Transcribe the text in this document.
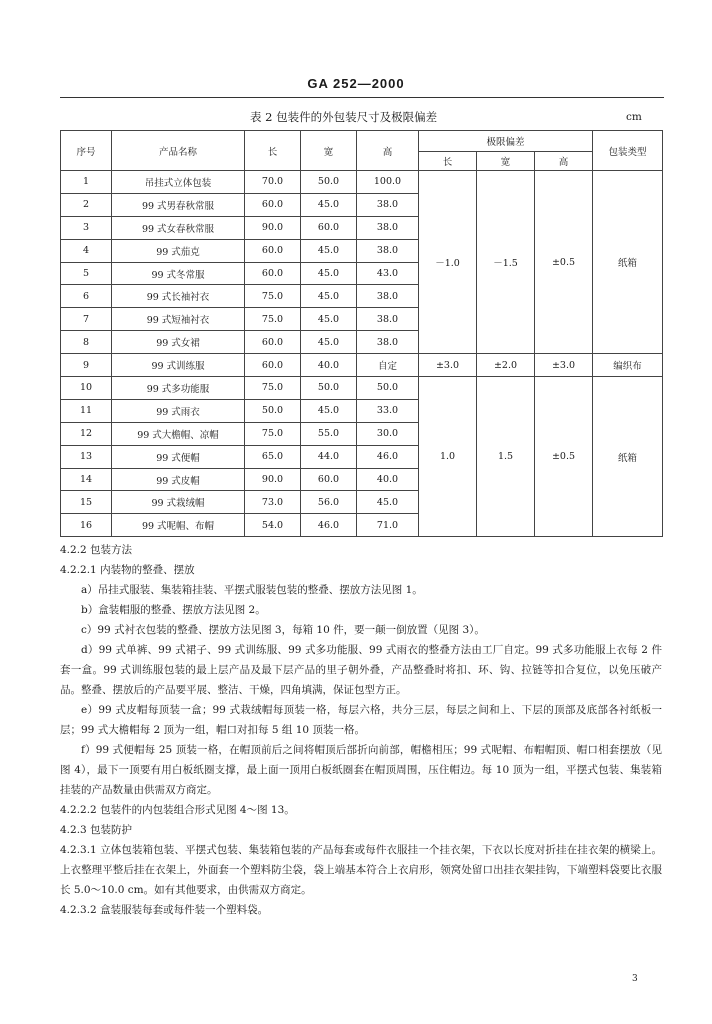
GA 252—2000
表 2 包装件的外包装尺寸及极限偏差	cm
序号	产品名称	长	宽	高	极限偏差			包装类型
					长	宽	高	
1	吊挂式立体包装	70.0	50.0	100.0	－1.0	－1.5	±0.5	纸箱
2	99 式男春秋常服	60.0	45.0	38.0				
3	99 式女春秋常服	90.0	60.0	38.0				
4	99 式茄克	60.0	45.0	38.0				
5	99 式冬常服	60.0	45.0	43.0				
6	99 式长袖衬衣	75.0	45.0	38.0				
7	99 式短袖衬衣	75.0	45.0	38.0				
8	99 式女裙	60.0	45.0	38.0				
9	99 式训练服	60.0	40.0	自定	±3.0	±2.0	±3.0	编织布
10	99 式多功能服	75.0	50.0	50.0	1.0	1.5	±0.5	纸箱
11	99 式雨衣	50.0	45.0	33.0				
12	99 式大檐帽、凉帽	75.0	55.0	30.0				
13	99 式便帽	65.0	44.0	46.0				
14	99 式皮帽	90.0	60.0	40.0				
15	99 式栽绒帽	73.0	56.0	45.0				
16	99 式呢帽、布帽	54.0	46.0	71.0				

4.2.2 包装方法

4.2.2.1 内装物的整叠、摆放

a）吊挂式服装、集装箱挂装、平摆式服装包装的整叠、摆放方法见图 1。

b）盒装帽服的整叠、摆放方法见图 2。

c）99 式衬衣包装的整叠、摆放方法见图 3，每箱 10 件，要一颠一倒放置（见图 3）。

d）99 式单裤、99 式裙子、99 式训练服、99 式多功能服、99 式雨衣的整叠方法由工厂自定。99 式多功能服上衣每 2 件套一盒。99 式训练服包装的最上层产品及最下层产品的里子朝外叠，产品整叠时将扣、环、钩、拉链等扣合复位，以免压破产品。整叠、摆放后的产品要平展、整洁、干燥，四角填满，保证包型方正。

e）99 式皮帽每顶装一盒；99 式栽绒帽每顶装一格，每层六格，共分三层，每层之间和上、下层的顶部及底部各衬纸板一层；99 式大檐帽每 2 顶为一组，帽口对扣每 5 组 10 顶装一格。

f）99 式便帽每 25 顶装一格，在帽顶前后之间将帽顶后部折向前部，帽檐相压；99 式呢帽、布帽帽顶、帽口相套摆放（见图 4），最下一顶要有用白板纸圈支撑，最上面一顶用白板纸圈套在帽顶周围，压住帽边。每 10 顶为一组，平摆式包装、集装箱挂装的产品数量由供需双方商定。

4.2.2.2 包装件的内包装组合形式见图 4～图 13。

4.2.3 包装防护

4.2.3.1 立体包装箱包装、平摆式包装、集装箱包装的产品每套或每件衣服挂一个挂衣架，下衣以长度对折挂在挂衣架的横梁上。上衣整理平整后挂在衣架上，外面套一个塑料防尘袋，袋上端基本符合上衣肩形，领窝处留口出挂衣架挂钩，下端塑料袋要比衣服长 5.0～10.0 cm。如有其他要求，由供需双方商定。

4.2.3.2 盒装服装每套或每件装一个塑料袋。

3
